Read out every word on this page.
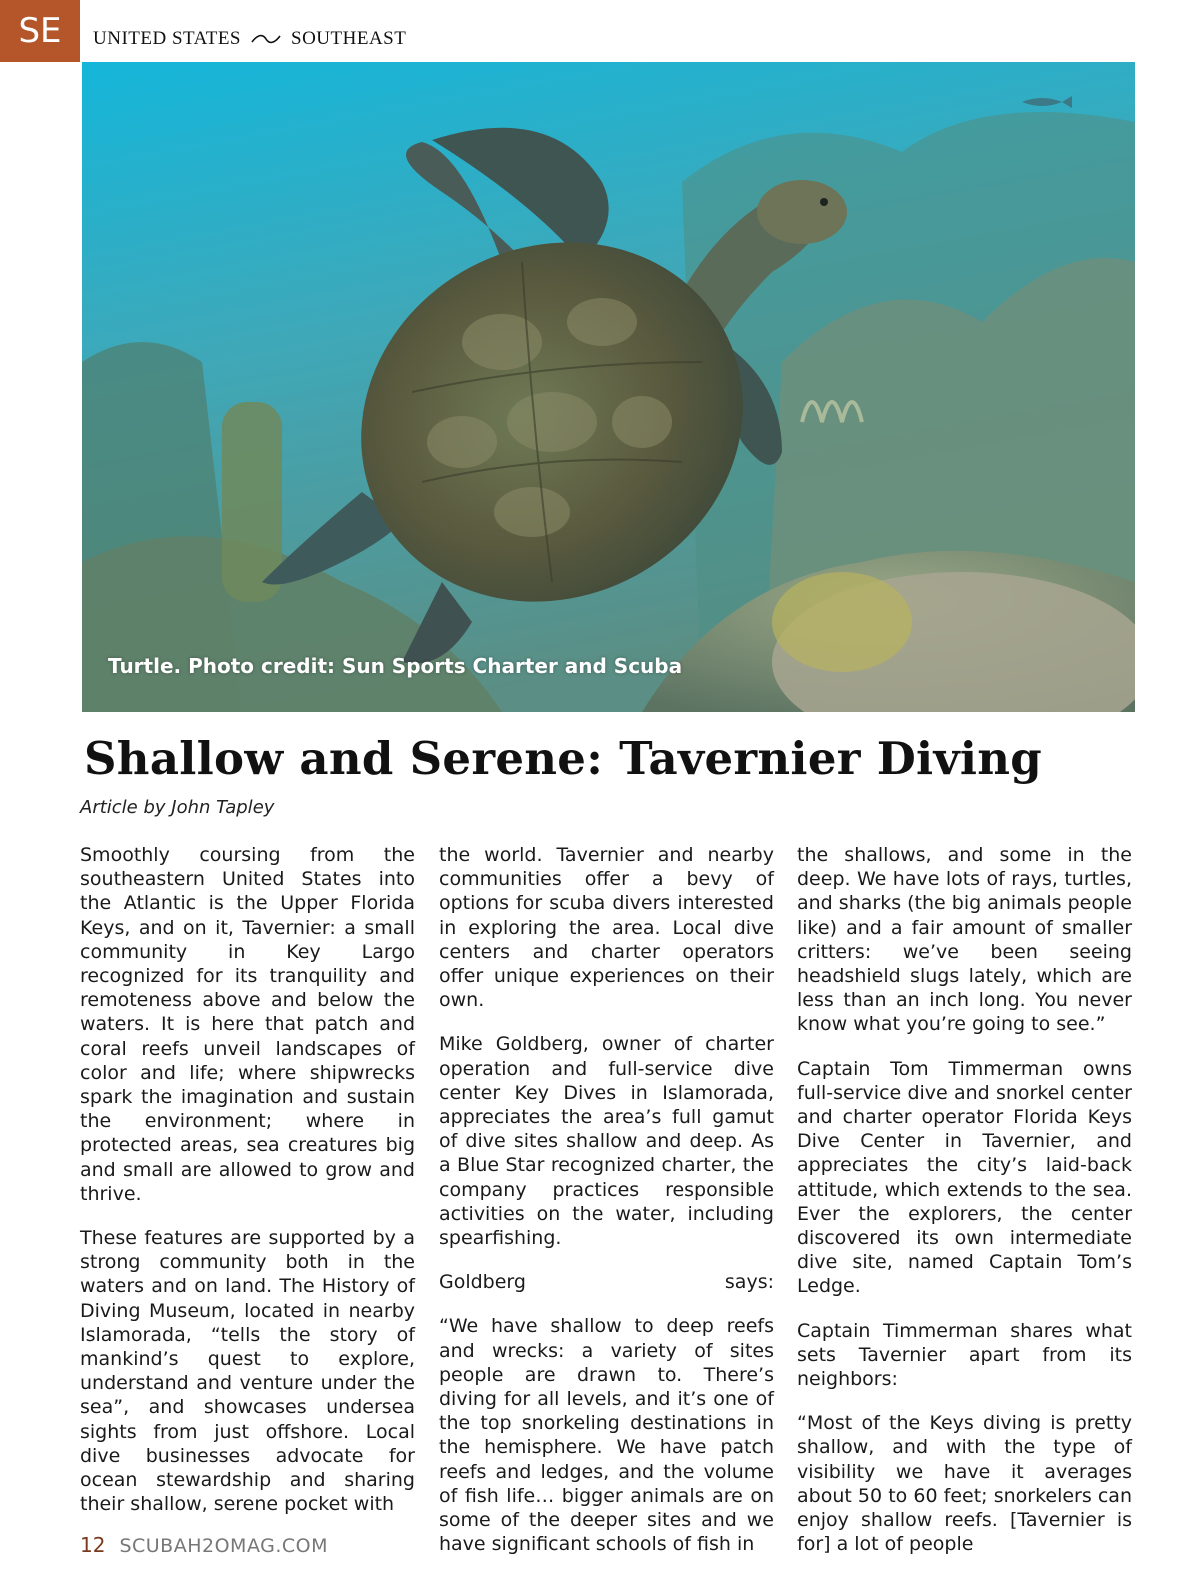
SE UNITED STATES	SOUTHEAST
Turtle. Photo credit: Sun Sports Charter and Scuba
Shallow and Serene: Tavernier Diving
Article by John Tapley

Smoothly coursing from the southeastern United States into the Atlantic is the Upper Florida Keys, and on it, Tavernier: a small community in Key Largo recognized for its tranquility and remoteness above and below the waters. It is here that patch and coral reefs unveil landscapes of color and life; where shipwrecks spark the imagination and sustain the environment; where in protected areas, sea creatures big and small are allowed to grow and thrive.

These features are supported by a strong community both in the waters and on land. The History of Diving Museum, located in nearby Islamorada, “tells the story of mankind’s quest to explore, understand and venture under the sea”, and showcases undersea sights from just offshore. Local dive businesses advocate for ocean stewardship and sharing their shallow, serene pocket with

the world. Tavernier and nearby communities offer a bevy of options for scuba divers interested in exploring the area. Local dive centers and charter operators offer unique experiences on their own.

Mike Goldberg, owner of charter operation and full-service dive center Key Dives in Islamorada, appreciates the area’s full gamut of dive sites shallow and deep. As a Blue Star recognized charter, the company practices responsible activities on the water, including spearfishing.

Goldberg	says:

“We have shallow to deep reefs and wrecks: a variety of sites people are drawn to. There’s diving for all levels, and it’s one of the top snorkeling destinations in the hemisphere. We have patch reefs and ledges, and the volume of fish life… bigger animals are on some of the deeper sites and we have significant schools of fish in

the shallows, and some in the deep. We have lots of rays, turtles, and sharks (the big animals people like) and a fair amount of smaller critters: we’ve been seeing headshield slugs lately, which are less than an inch long. You never know what you’re going to see.”

Captain Tom Timmerman owns full-service dive and snorkel center and charter operator Florida Keys Dive Center in Tavernier, and appreciates the city’s laid-back attitude, which extends to the sea. Ever the explorers, the center discovered its own intermediate dive site, named Captain Tom’s Ledge.

Captain Timmerman shares what sets Tavernier apart from its neighbors:

“Most of the Keys diving is pretty shallow, and with the type of visibility we have it averages about 50 to 60 feet; snorkelers can enjoy shallow reefs. [Tavernier is for] a lot of people

12 SCUBAH2OMAG.COM
